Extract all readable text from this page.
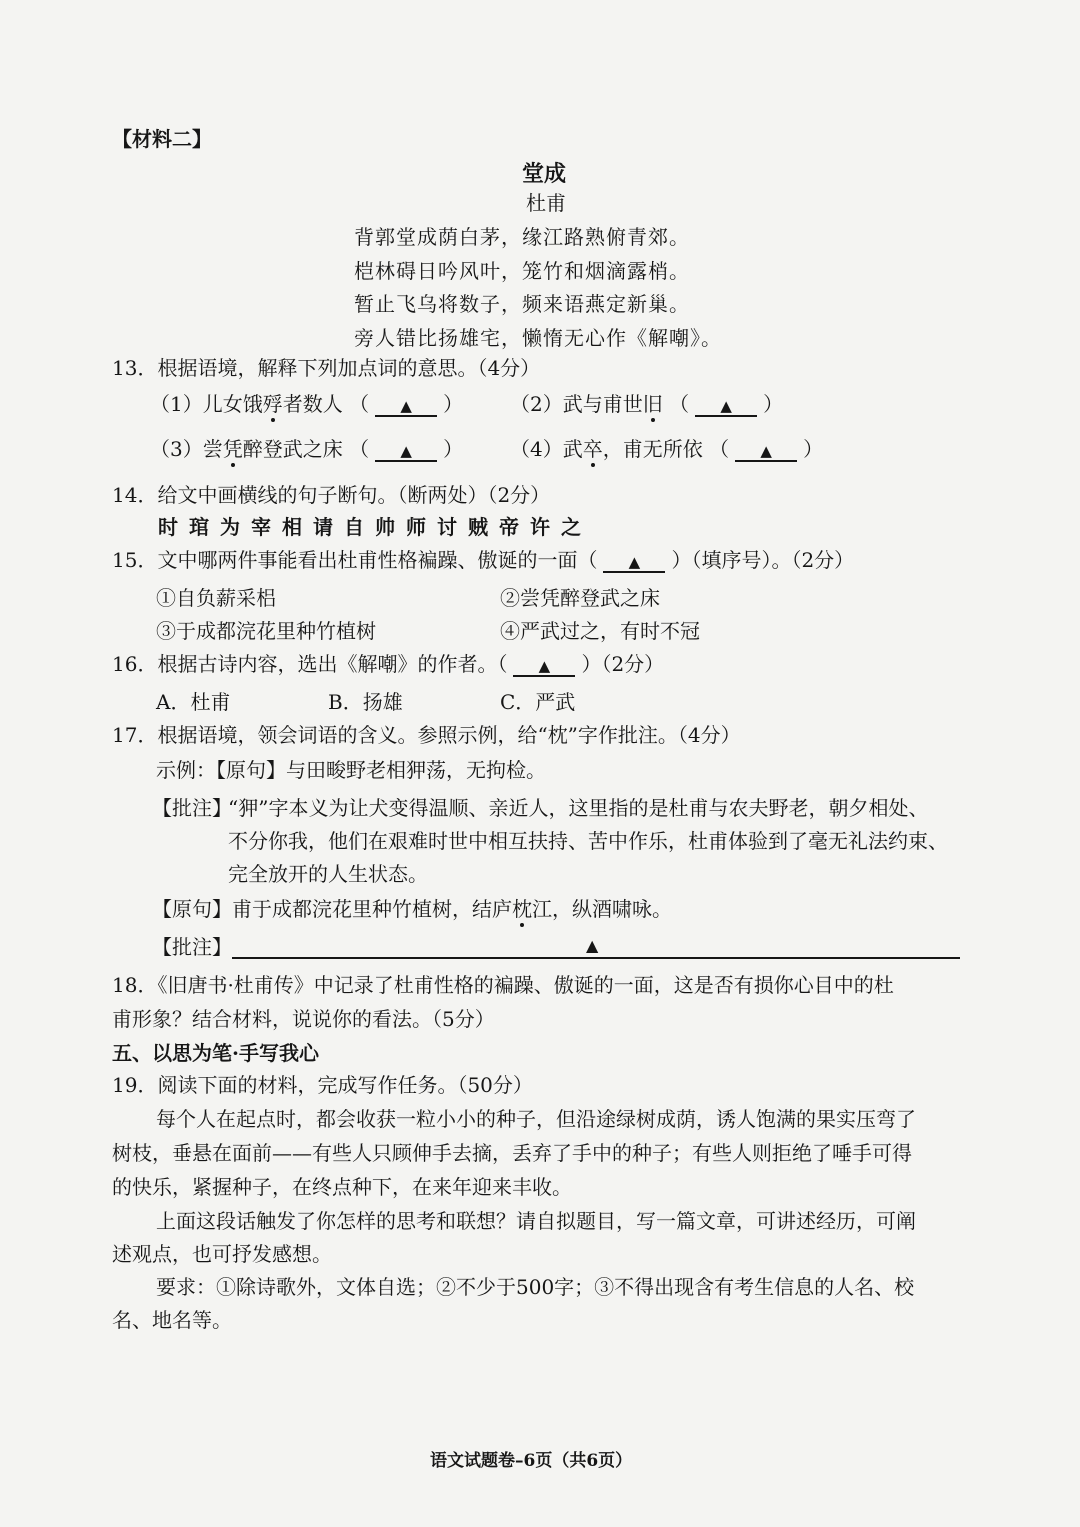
【材料二】
堂成
杜甫
背郭堂成荫白茅，缘江路熟俯青郊。
桤林碍日吟风叶，笼竹和烟滴露梢。
暂止飞乌将数子，频来语燕定新巢。
旁人错比扬雄宅，懒惰无心作《解嘲》。
13．根据语境，解释下列加点词的意思。（4分）
（1）儿女饿殍者数人 （ ▲ ） （2）武与甫世旧 （ ▲ ）
（3）尝凭醉登武之床 （ ▲ ） （4）武卒，甫无所依 （ ▲ ）
14．给文中画横线的句子断句。（断两处）（2分）
时琯为宰相请自帅师讨贼帝许之
15．文中哪两件事能看出杜甫性格褊躁、傲诞的一面（ ▲ ）（填序号）。（2分）
①自负薪采梠	②尝凭醉登武之床
③于成都浣花里种竹植树	④严武过之，有时不冠
16．根据古诗内容，选出《解嘲》的作者。（ ▲ ）（2分）
A．杜甫	B．扬雄	C．严武
17．根据语境，领会词语的含义。参照示例，给“枕”字作批注。（4分）
示例：【原句】与田畯野老相狎荡，无拘检。
【批注】
“狎”字本义为让犬变得温顺、亲近人，这里指的是杜甫与农夫野老，朝夕相处、
不分你我，他们在艰难时世中相互扶持、苦中作乐，杜甫体验到了毫无礼法约束、
完全放开的人生状态。
【原句】甫于成都浣花里种竹植树，结庐枕江，纵酒啸咏。
【批注】	▲
18．《旧唐书·杜甫传》中记录了杜甫性格的褊躁、傲诞的一面，这是否有损你心目中的杜
甫形象？结合材料，说说你的看法。（5分）
五、以思为笔·手写我心
19．阅读下面的材料，完成写作任务。（50分）
每个人在起点时，都会收获一粒小小的种子，但沿途绿树成荫，诱人饱满的果实压弯了
树枝，垂悬在面前——有些人只顾伸手去摘，丢弃了手中的种子；有些人则拒绝了唾手可得
的快乐，紧握种子，在终点种下，在来年迎来丰收。
上面这段话触发了你怎样的思考和联想？请自拟题目，写一篇文章，可讲述经历，可阐
述观点，也可抒发感想。
要求：①除诗歌外，文体自选；②不少于500字；③不得出现含有考生信息的人名、校
名、地名等。
语文试题卷–6页（共6页）
